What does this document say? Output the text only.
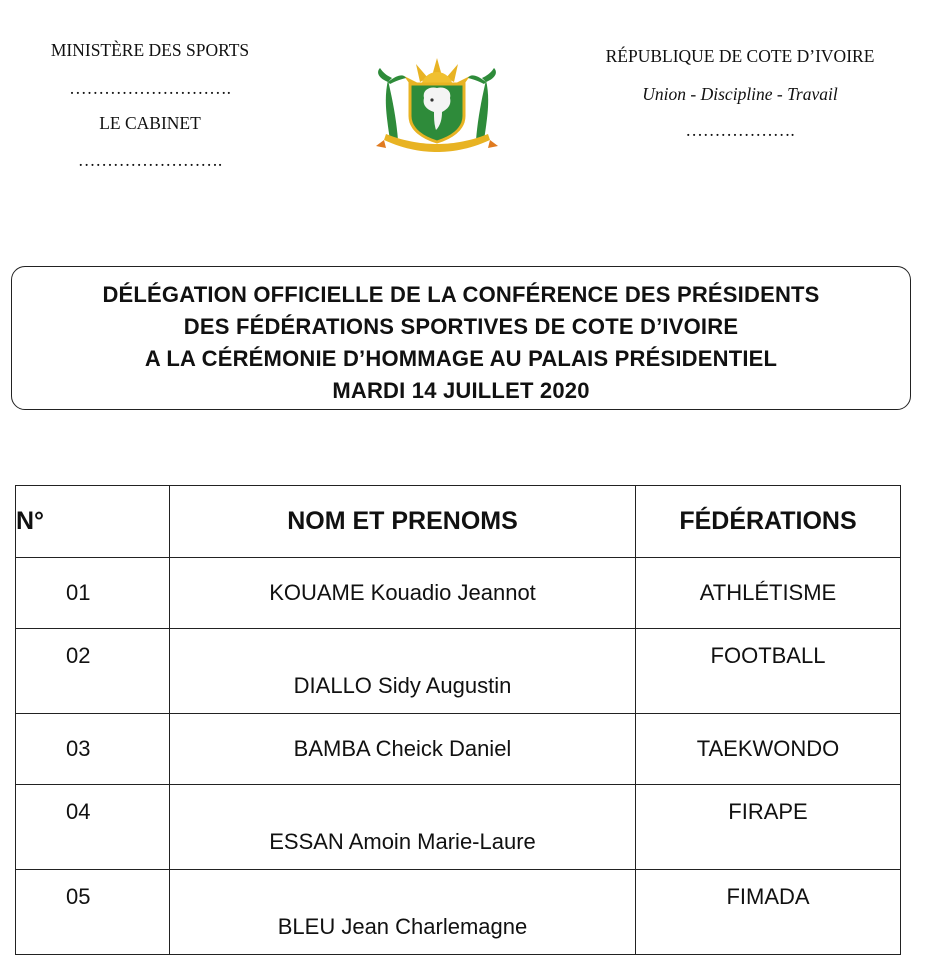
MINISTÈRE DES SPORTS
……………………….
LE CABINET
…………………….
RÉPUBLIQUE DE COTE D’IVOIRE
Union - Discipline - Travail
……………….
DÉLÉGATION OFFICIELLE DE LA CONFÉRENCE DES PRÉSIDENTS
DES FÉDÉRATIONS SPORTIVES DE COTE D’IVOIRE
A LA CÉRÉMONIE D’HOMMAGE AU PALAIS PRÉSIDENTIEL
MARDI 14 JUILLET 2020
N°	NOM ET PRENOMS	FÉDÉRATIONS
01	KOUAME Kouadio Jeannot	ATHLÉTISME
02	DIALLO Sidy Augustin	FOOTBALL
03	BAMBA Cheick Daniel	TAEKWONDO
04	ESSAN Amoin Marie-Laure	FIRAPE
05	BLEU Jean Charlemagne	FIMADA
